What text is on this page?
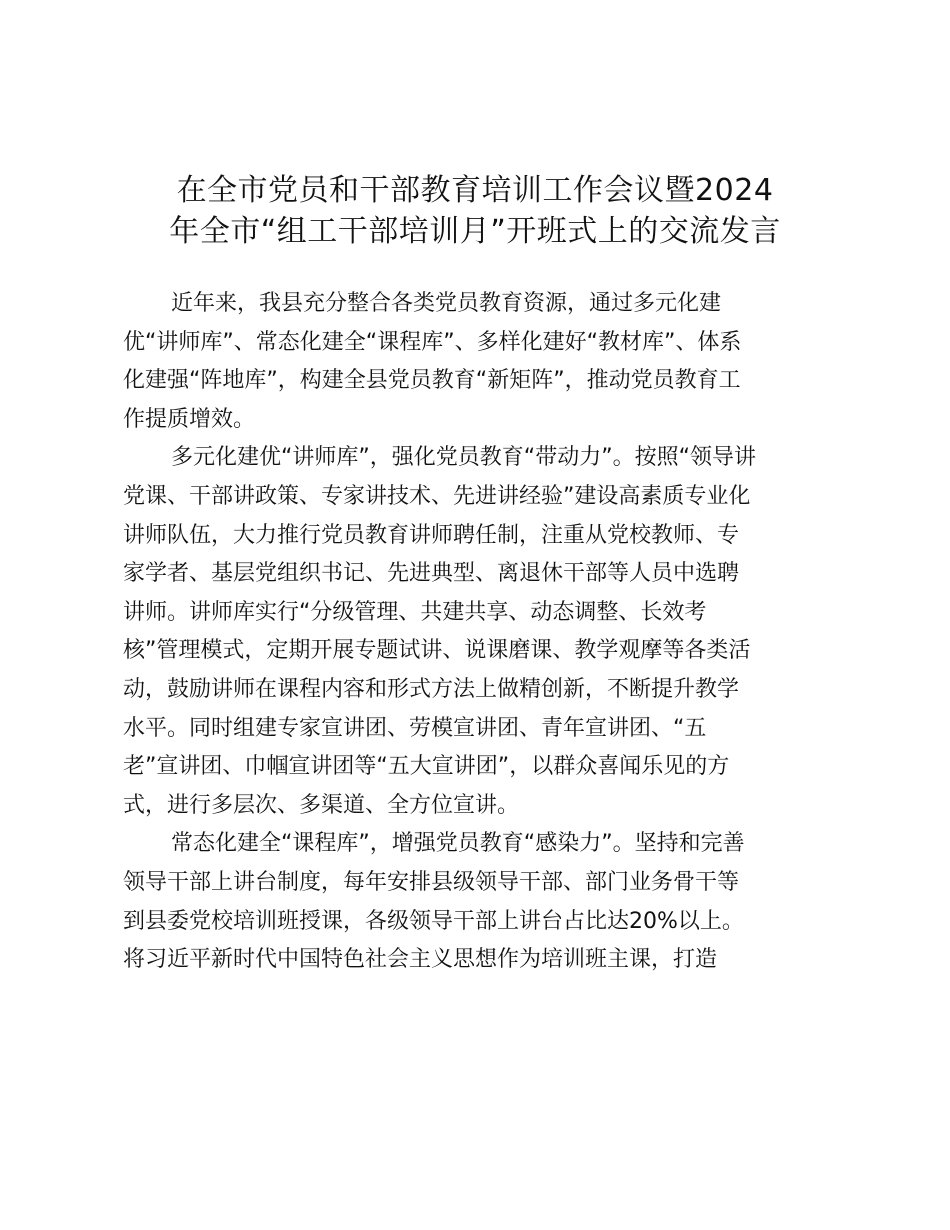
在全市党员和干部教育培训工作会议暨2024
年全市“组工干部培训月”开班式上的交流发言
近年来，我县充分整合各类党员教育资源，通过多元化建
优“讲师库”、常态化建全“课程库”、多样化建好“教材库”、体系
化建强“阵地库”，构建全县党员教育“新矩阵”，推动党员教育工
作提质增效。
多元化建优“讲师库”，强化党员教育“带动力”。按照“领导讲
党课、干部讲政策、专家讲技术、先进讲经验”建设高素质专业化
讲师队伍，大力推行党员教育讲师聘任制，注重从党校教师、专
家学者、基层党组织书记、先进典型、离退休干部等人员中选聘
讲师。讲师库实行“分级管理、共建共享、动态调整、长效考
核”管理模式，定期开展专题试讲、说课磨课、教学观摩等各类活
动，鼓励讲师在课程内容和形式方法上做精创新，不断提升教学
水平。同时组建专家宣讲团、劳模宣讲团、青年宣讲团、“五
老”宣讲团、巾帼宣讲团等“五大宣讲团”，以群众喜闻乐见的方
式，进行多层次、多渠道、全方位宣讲。
常态化建全“课程库”，增强党员教育“感染力”。坚持和完善
领导干部上讲台制度，每年安排县级领导干部、部门业务骨干等
到县委党校培训班授课，各级领导干部上讲台占比达20%以上。
将习近平新时代中国特色社会主义思想作为培训班主课，打造
